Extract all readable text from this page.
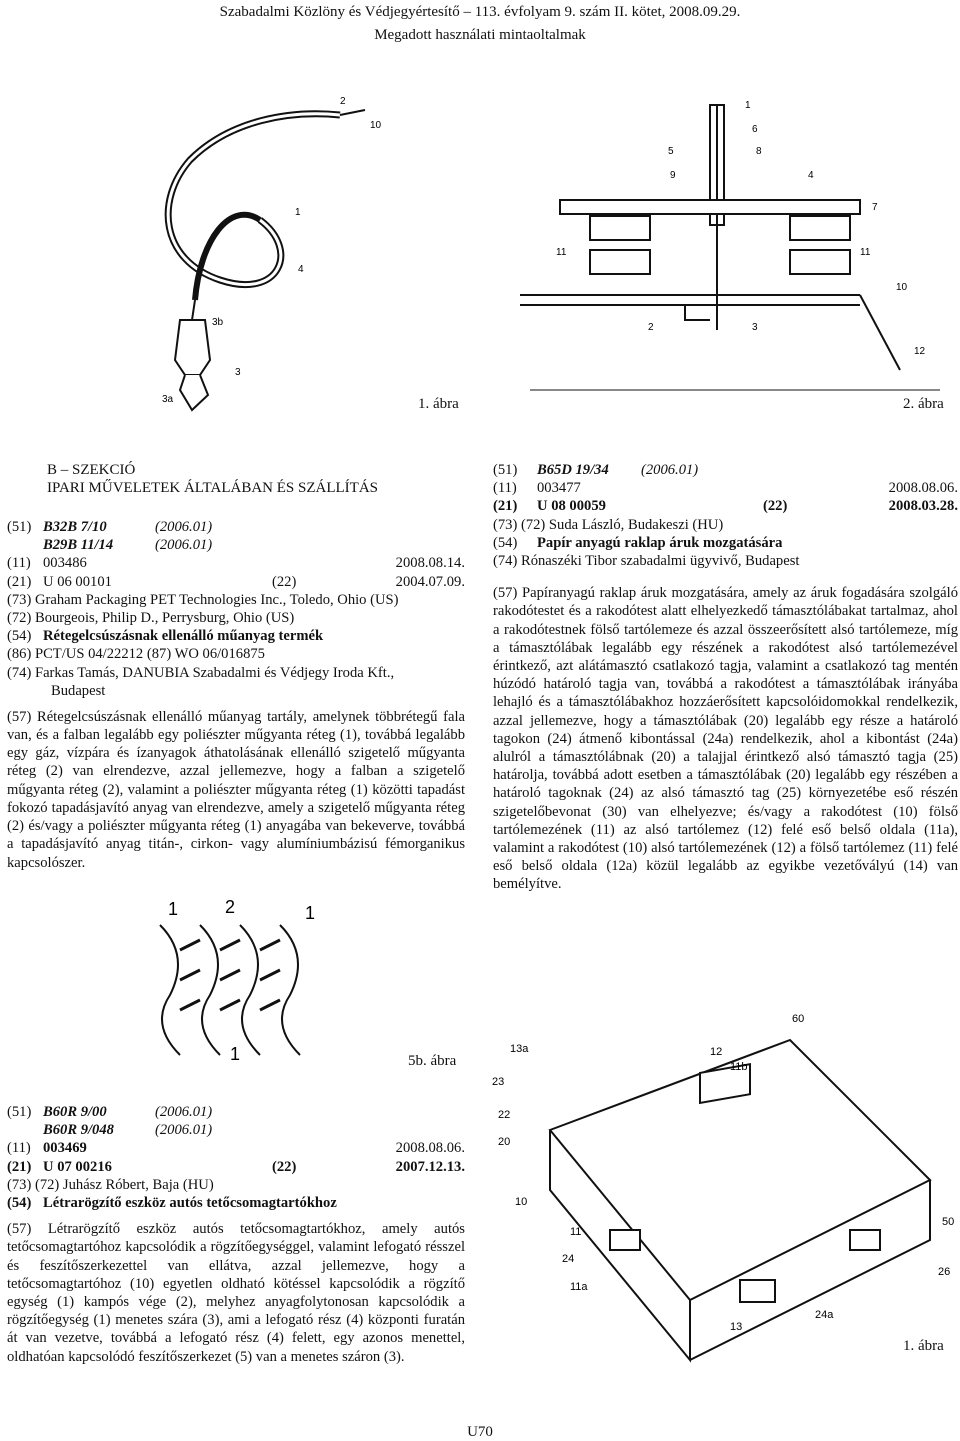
Szabadalmi Közlöny és Védjegyértesítő – 113. évfolyam 9. szám II. kötet, 2008.09.29.
Megadott használati mintaoltalmak
2
10
1
4
3b
3
3a	1. ábra
1
6
5	8
9	4
7
11	11
10
2	3
12
2. ábra
B – SZEKCIÓ
IPARI MŰVELETEK ÁLTALÁBAN ÉS SZÁLLÍTÁS
(51) B32B 7/10	(2006.01)
B29B 11/14	(2006.01)
(11) 003486	2008.08.14.
(21) U 06 00101	(22)	2004.07.09.
(73) Graham Packaging PET Technologies Inc., Toledo, Ohio (US)
(72) Bourgeois, Philip D., Perrysburg, Ohio (US)
(54) Rétegelcsúszásnak ellenálló műanyag termék
(86) PCT/US 04/22212 (87) WO 06/016875
(74) Farkas Tamás, DANUBIA Szabadalmi és Védjegy Iroda Kft.,
Budapest
(57) Rétegelcsúszásnak ellenálló műanyag tartály, amelynek többrétegű fala van, és a falban legalább egy poliészter műgyanta réteg (1), továbbá legalább egy gáz, vízpára és ízanyagok áthatolásának ellenálló szigetelő műgyanta réteg (2) van elrendezve, azzal jellemezve, hogy a falban a szigetelő műgyanta réteg (2), valamint a poliészter műgyanta réteg (1) közötti tapadást fokozó tapadásjavító anyag van elrendezve, amely a szigetelő műgyanta réteg (2) és/vagy a poliészter műgyanta réteg (1) anyagába van bekeverve, továbbá a tapadásjavító anyag titán-, cirkon- vagy alumíniumbázisú fémorganikus kapcsolószer.
1	2	1
1	5b. ábra
(51) B60R 9/00	(2006.01)
B60R 9/048	(2006.01)
(11) 003469	2008.08.06.
(21) U 07 00216	(22)	2007.12.13.
(73) (72) Juhász Róbert, Baja (HU)
(54) Létrarögzítő eszköz autós tetőcsomagtartókhoz
(57) Létrarögzítő eszköz autós tetőcsomagtartókhoz, amely autós tetőcsomagtartóhoz kapcsolódik a rögzítőegységgel, valamint lefogató résszel és feszítőszerkezettel van ellátva, azzal jellemezve, hogy a tetőcsomagtartóhoz (10) egyetlen oldható kötéssel kapcsolódik a rögzítő egység (1) kampós vége (2), melyhez anyagfolytonosan kapcsolódik a rögzítőegység (1) menetes szára (3), ami a lefogató rész (4) központi furatán át van vezetve, továbbá a lefogató rész (4) felett, egy azonos menettel, oldhatóan kapcsolódó feszítőszerkezet (5) van a menetes száron (3).
(51) B65D 19/34 (2006.01)
(11) 003477	2008.08.06.
(21) U 08 00059	(22)	2008.03.28.
(73) (72) Suda László, Budakeszi (HU)
(54) Papír anyagú raklap áruk mozgatására
(74) Rónaszéki Tibor szabadalmi ügyvivő, Budapest
(57) Papíranyagú raklap áruk mozgatására, amely az áruk fogadására szolgáló rakodótestet és a rakodótest alatt elhelyezkedő támasztólábakat tartalmaz, ahol a rakodótestnek fölső tartólemeze és azzal összeerősített alsó tartólemeze, míg a támasztólábak legalább egy részének a rakodótest alsó tartólemezével érintkező, azt alátámasztó csatlakozó tagja, valamint a csatlakozó tag mentén húzódó határoló tagja van, továbbá a rakodótest a támasztólábak irányába lehajló és a támasztólábakhoz hozzáerősített kapcsolóidomokkal rendelkezik, azzal jellemezve, hogy a támasztólábak (20) legalább egy része a határoló tagokon (24) átmenő kibontással (24a) rendelkezik, ahol a kibontást (24a) alulról a támasztólábnak (20) a talajjal érintkező alsó támasztó tagja (25) határolja, továbbá adott esetben a támasztólábak (20) legalább egy részében a határoló tagoknak (24) az alsó támasztó tag (25) környezetébe eső részén szigetelőbevonat (30) van elhelyezve; és/vagy a rakodótest (10) fölső tartólemezének (11) az alsó tartólemez (12) felé eső belső oldala (11a), valamint a rakodótest (10) alsó tartólemezének (12) a fölső tartólemez (11) felé eső belső oldala (12a) közül legalább az egyikbe vezetővályú (14) van bemélyítve.
60
12
11b
13a
23
22
20
10
11
24
11a
13
24a
50
26
1. ábra
U70
